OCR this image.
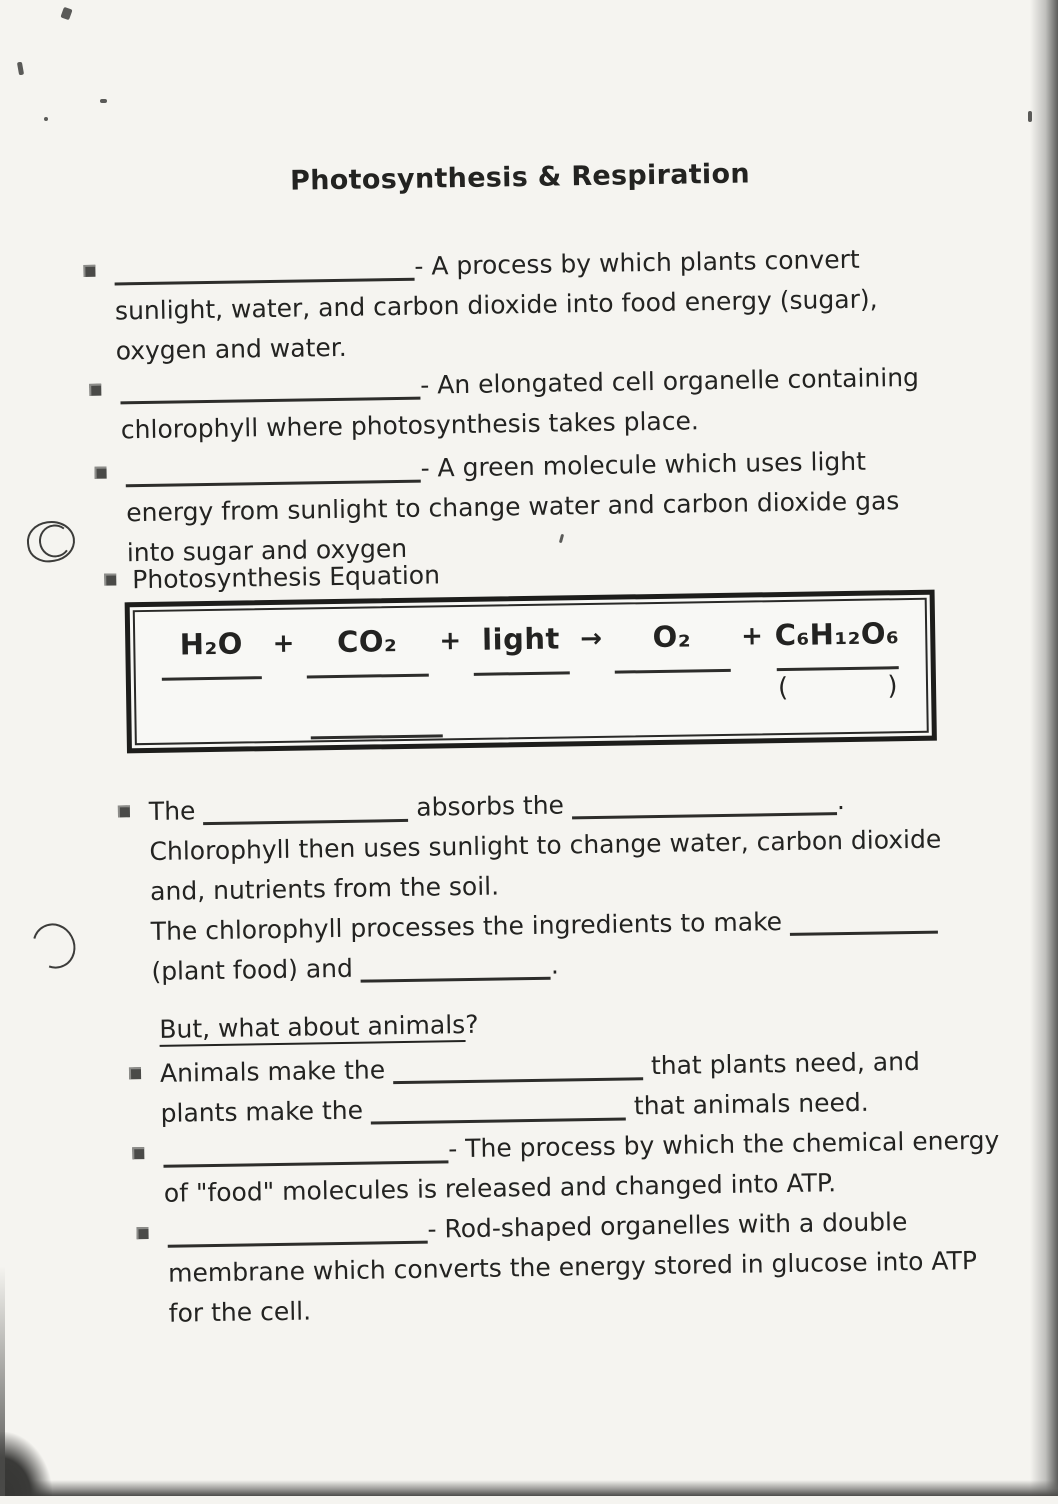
Photosynthesis & Respiration
- A process by which plants convert
sunlight, water, and carbon dioxide into food energy (sugar),
oxygen and water.
- An elongated cell organelle containing
chlorophyll where photosynthesis takes place.
- A green molecule which uses light
energy from sunlight to change water and carbon dioxide gas
into sugar and oxygen
Photosynthesis Equation
H₂O + CO₂ + light → O₂ + C₆H₁₂O₆
(            )
The	absorbs the	.
Chlorophyll then uses sunlight to change water, carbon dioxide
and, nutrients from the soil.
The chlorophyll processes the ingredients to make
(plant food) and	.
But, what about animals?
Animals make the	that plants need, and
plants make the	that animals need.
- The process by which the chemical energy
of "food" molecules is released and changed into ATP.
- Rod-shaped organelles with a double
membrane which converts the energy stored in glucose into ATP
for the cell.
